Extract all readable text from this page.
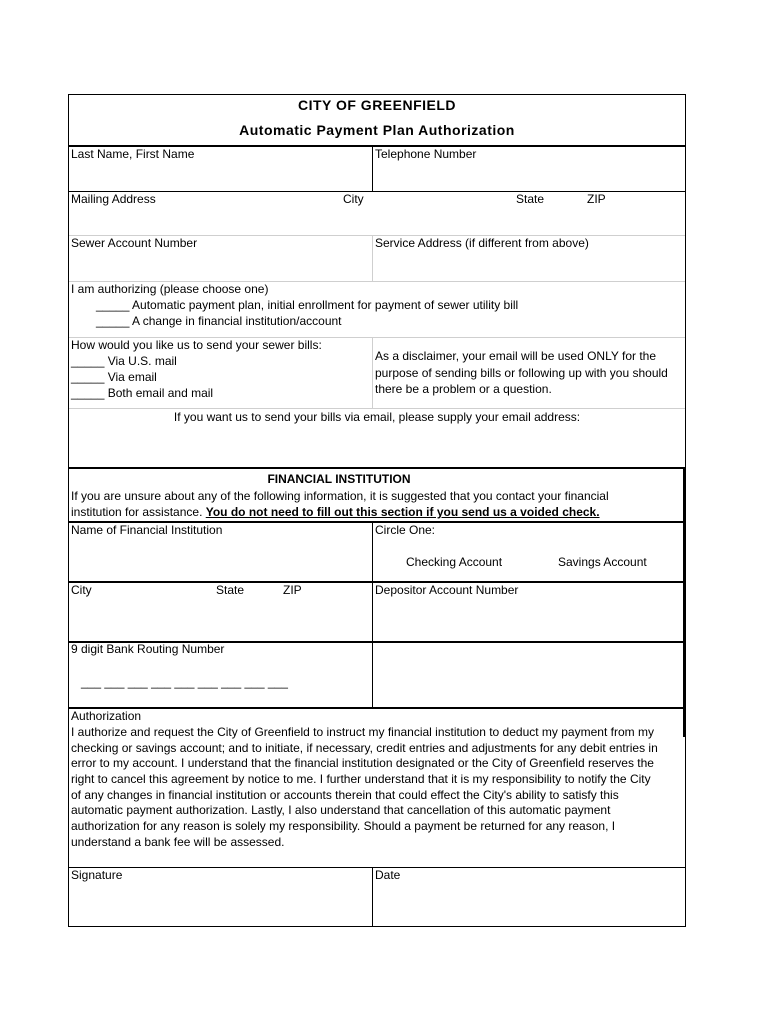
CITY OF GREENFIELD
Automatic Payment Plan Authorization
Last Name, First Name	Telephone Number
Mailing Address	City	State	ZIP
Sewer Account Number	Service Address (if different from above)
I am authorizing (please choose one)
_____ Automatic payment plan, initial enrollment for payment of sewer utility bill
_____ A change in financial institution/account
How would you like us to send your sewer bills:
_____ Via U.S. mail
_____ Via email
_____ Both email and mail
As a disclaimer, your email will be used ONLY for the
purpose of sending bills or following up with you should
there be a problem or a question.
If you want us to send your bills via email, please supply your email address:
FINANCIAL INSTITUTION
If you are unsure about any of the following information, it is suggested that you contact your financial
institution for assistance. You do not need to fill out this section if you send us a voided check.
Name of Financial Institution	Circle One:
Checking Account	Savings Account
City	State	ZIP	Depositor Account Number
9 digit Bank Routing Number
___ ___ ___ ___ ___ ___ ___ ___ ___
Authorization
I authorize and request the City of Greenfield to instruct my financial institution to deduct my payment from my
checking or savings account; and to initiate, if necessary, credit entries and adjustments for any debit entries in
error to my account. I understand that the financial institution designated or the City of Greenfield reserves the
right to cancel this agreement by notice to me. I further understand that it is my responsibility to notify the City
of any changes in financial institution or accounts therein that could effect the City's ability to satisfy this
automatic payment authorization. Lastly, I also understand that cancellation of this automatic payment
authorization for any reason is solely my responsibility. Should a payment be returned for any reason, I
understand a bank fee will be assessed.
Signature	Date
